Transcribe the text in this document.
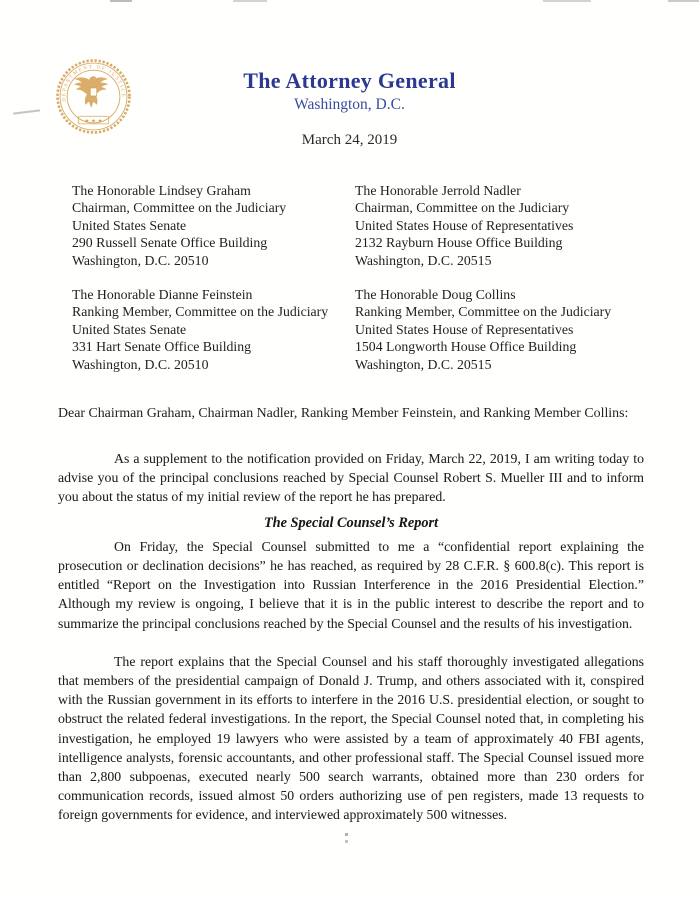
DEPARTMENT OF JUSTICE
★ ★ ★
The Attorney General
Washington, D.C.
March 24, 2019
The Honorable Lindsey Graham
Chairman, Committee on the Judiciary
United States Senate
290 Russell Senate Office Building
Washington, D.C. 20510
The Honorable Jerrold Nadler
Chairman, Committee on the Judiciary
United States House of Representatives
2132 Rayburn House Office Building
Washington, D.C. 20515
The Honorable Dianne Feinstein
Ranking Member, Committee on the Judiciary
United States Senate
331 Hart Senate Office Building
Washington, D.C. 20510
The Honorable Doug Collins
Ranking Member, Committee on the Judiciary
United States House of Representatives
1504 Longworth House Office Building
Washington, D.C. 20515
Dear Chairman Graham, Chairman Nadler, Ranking Member Feinstein, and Ranking Member Collins:

As a supplement to the notification provided on Friday, March 22, 2019, I am writing today to advise you of the principal conclusions reached by Special Counsel Robert S. Mueller III and to inform you about the status of my initial review of the report he has prepared.

The Special Counsel’s Report

On Friday, the Special Counsel submitted to me a “confidential report explaining the prosecution or declination decisions” he has reached, as required by 28 C.F.R. § 600.8(c). This report is entitled “Report on the Investigation into Russian Interference in the 2016 Presidential Election.” Although my review is ongoing, I believe that it is in the public interest to describe the report and to summarize the principal conclusions reached by the Special Counsel and the results of his investigation.

The report explains that the Special Counsel and his staff thoroughly investigated allegations that members of the presidential campaign of Donald J. Trump, and others associated with it, conspired with the Russian government in its efforts to interfere in the 2016 U.S. presidential election, or sought to obstruct the related federal investigations. In the report, the Special Counsel noted that, in completing his investigation, he employed 19 lawyers who were assisted by a team of approximately 40 FBI agents, intelligence analysts, forensic accountants, and other professional staff. The Special Counsel issued more than 2,800 subpoenas, executed nearly 500 search warrants, obtained more than 230 orders for communication records, issued almost 50 orders authorizing use of pen registers, made 13 requests to foreign governments for evidence, and interviewed approximately 500 witnesses.
